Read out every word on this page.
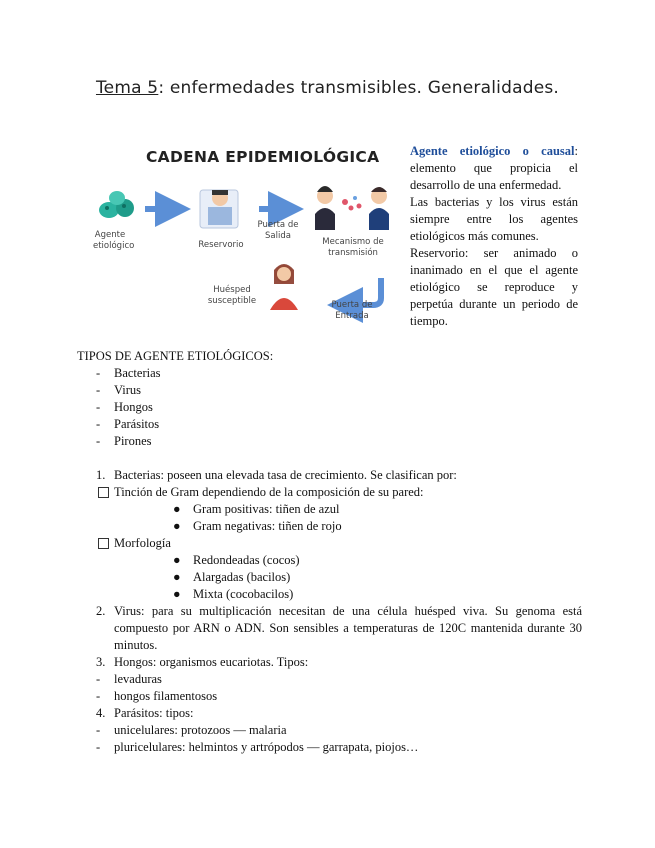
Tema 5: enfermedades transmisibles. Generalidades.
CADENA EPIDEMIOLÓGICA
Agente etiológico	Reservorio
Puerta de Salida
Mecanismo de transmisión
Huésped susceptible	Puerta de Entrada

Agente etiológico o causal: elemento que propicia el desarrollo de una enfermedad.

Las bacterias y los virus están siempre entre los agentes etiológicos más comunes.

Reservorio: ser animado o inanimado en el que el agente etiológico se reproduce y perpetúa durante un periodo de tiempo.

TIPOS DE AGENTE ETIOLÓGICOS:
- Bacterias
- Virus
- Hongos
- Parásitos
- Pirones
1. Bacterias: poseen una elevada tasa de crecimiento. Se clasifican por:
Tinción de Gram dependiendo de la composición de su pared:
● Gram positivas: tiñen de azul
● Gram negativas: tiñen de rojo
Morfología
● Redondeadas (cocos)
● Alargadas (bacilos)
● Mixta (cocobacilos)
2. Virus: para su multiplicación necesitan de una célula huésped viva. Su genoma está compuesto por ARN o ADN. Son sensibles a temperaturas de 120C mantenida durante 30 minutos.
3. Hongos: organismos eucariotas. Tipos:
- levaduras
- hongos filamentosos
4. Parásitos: tipos:
- unicelulares: protozoos — malaria
- pluricelulares: helmintos y artrópodos — garrapata, piojos…
